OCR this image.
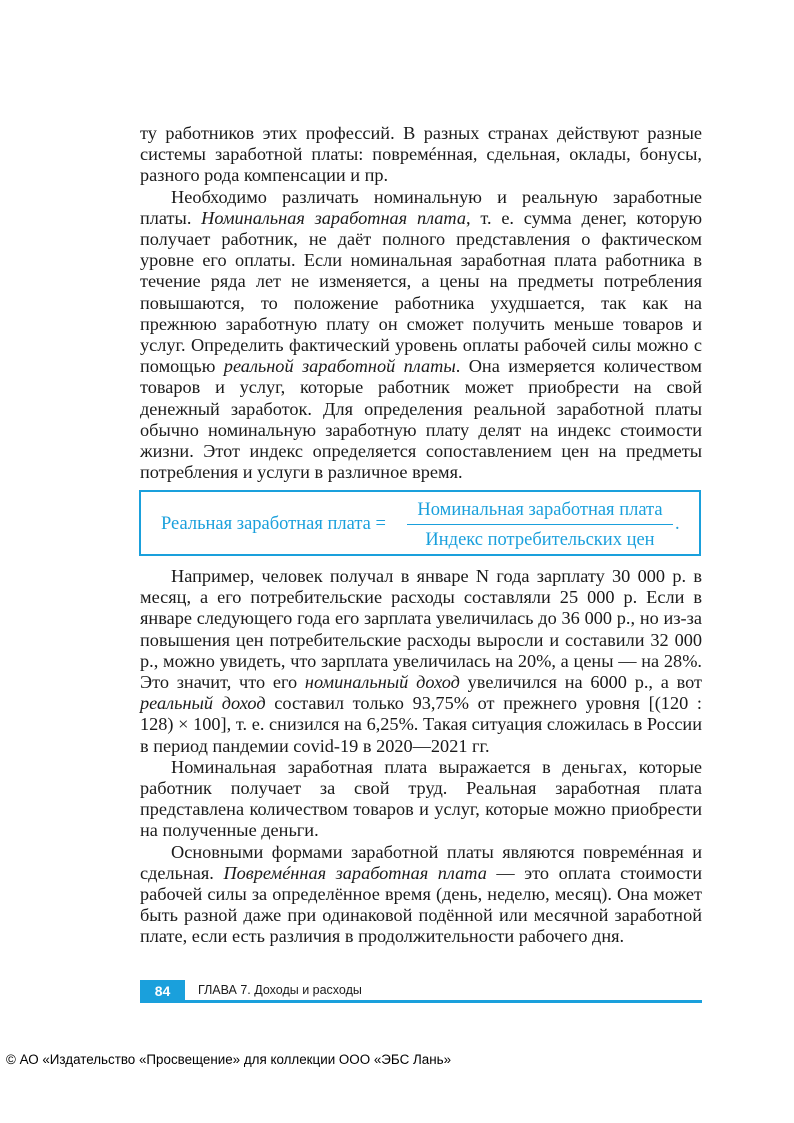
ту работников этих профессий. В разных странах действуют разные системы заработной платы: повремéнная, сдельная, оклады, бонусы, разного рода компенсации и пр.

Необходимо различать номинальную и реальную заработные платы. Номинальная заработная плата, т. е. сумма денег, которую получает работник, не даёт полного представления о фактическом уровне его оплаты. Если номинальная заработная плата работника в течение ряда лет не изменяется, а цены на предметы потребления повышаются, то положение работника ухудшается, так как на прежнюю заработную плату он сможет получить меньше товаров и услуг. Определить фактический уровень оплаты рабочей силы можно с помощью реальной заработной платы. Она измеряется количеством товаров и услуг, которые работник может приобрести на свой денежный заработок. Для определения реальной заработной платы обычно номинальную заработную плату делят на индекс стоимости жизни. Этот индекс определяется сопоставлением цен на предметы потребления и услуги в различное время.

Реальная заработная плата =
Номинальная заработная плата
Индекс потребительских цен
.

Например, человек получал в январе N года зарплату 30 000 р. в месяц, а его потребительские расходы составляли 25 000 р. Если в январе следующего года его зарплата увеличилась до 36 000 р., но из-за повышения цен потребительские расходы выросли и составили 32 000 р., можно увидеть, что зарплата увеличилась на 20%, а цены — на 28%. Это значит, что его номинальный доход увеличился на 6000 р., а вот реальный доход составил только 93,75% от прежнего уровня [(120 : 128) × 100], т. е. снизился на 6,25%. Такая ситуация сложилась в России в период пандемии covid-19 в 2020—2021 гг.

Номинальная заработная плата выражается в деньгах, которые работник получает за свой труд. Реальная заработная плата представлена количеством товаров и услуг, которые можно приобрести на полученные деньги.

Основными формами заработной платы являются повремéнная и сдельная. Повремéнная заработная плата — это оплата стоимости рабочей силы за определённое время (день, неделю, месяц). Она может быть разной даже при одинаковой подённой или месячной заработной плате, если есть различия в продолжительности рабочего дня.

84	ГЛАВА 7. Доходы и расходы
© АО «Издательство «Просвещение» для коллекции ООО «ЭБС Лань»
